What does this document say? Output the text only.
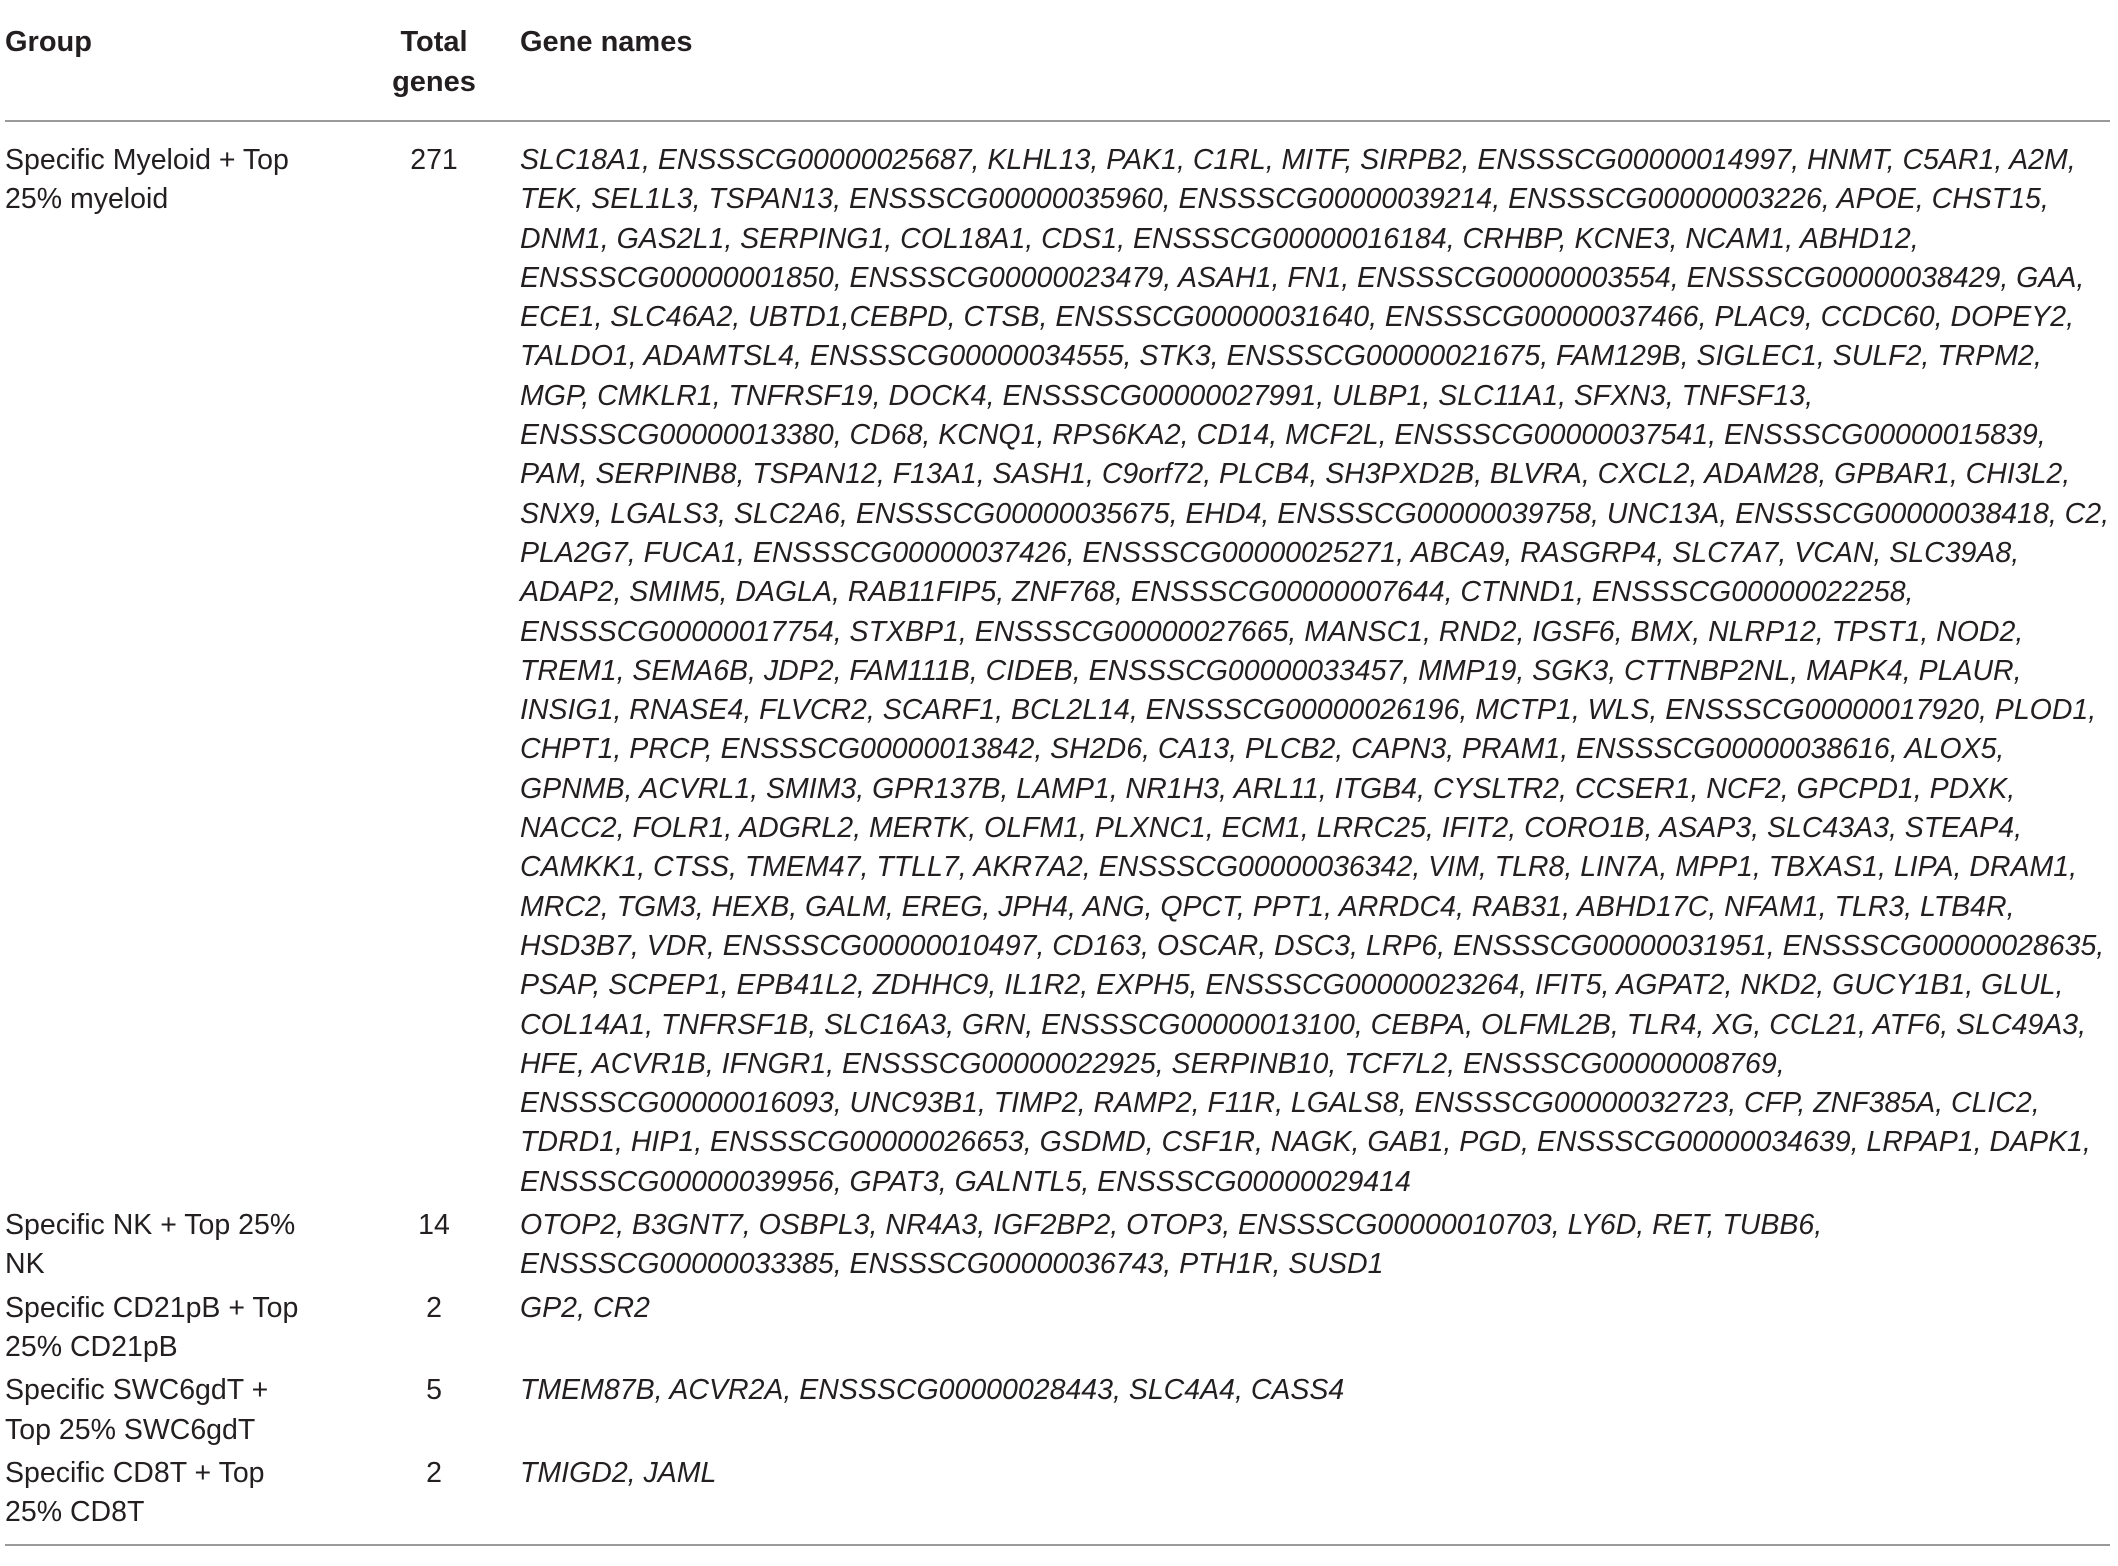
Group	Total genes	Gene names
Specific Myeloid + Top 25% myeloid	271	SLC18A1, ENSSSCG00000025687, KLHL13, PAK1, C1RL, MITF, SIRPB2, ENSSSCG00000014997, HNMT, C5AR1, A2M, TEK, SEL1L3, TSPAN13, ENSSSCG00000035960, ENSSSCG00000039214, ENSSSCG00000003226, APOE, CHST15, DNM1, GAS2L1, SERPING1, COL18A1, CDS1, ENSSSCG00000016184, CRHBP, KCNE3, NCAM1, ABHD12, ENSSSCG00000001850, ENSSSCG00000023479, ASAH1, FN1, ENSSSCG00000003554, ENSSSCG00000038429, GAA, ECE1, SLC46A2, UBTD1,CEBPD, CTSB, ENSSSCG00000031640, ENSSSCG00000037466, PLAC9, CCDC60, DOPEY2, TALDO1, ADAMTSL4, ENSSSCG00000034555, STK3, ENSSSCG00000021675, FAM129B, SIGLEC1, SULF2, TRPM2, MGP, CMKLR1, TNFRSF19, DOCK4, ENSSSCG00000027991, ULBP1, SLC11A1, SFXN3, TNFSF13, ENSSSCG00000013380, CD68, KCNQ1, RPS6KA2, CD14, MCF2L, ENSSSCG00000037541, ENSSSCG00000015839, PAM, SERPINB8, TSPAN12, F13A1, SASH1, C9orf72, PLCB4, SH3PXD2B, BLVRA, CXCL2, ADAM28, GPBAR1, CHI3L2, SNX9, LGALS3, SLC2A6, ENSSSCG00000035675, EHD4, ENSSSCG00000039758, UNC13A, ENSSSCG00000038418, C2, PLA2G7, FUCA1, ENSSSCG00000037426, ENSSSCG00000025271, ABCA9, RASGRP4, SLC7A7, VCAN, SLC39A8, ADAP2, SMIM5, DAGLA, RAB11FIP5, ZNF768, ENSSSCG00000007644, CTNND1, ENSSSCG00000022258, ENSSSCG00000017754, STXBP1, ENSSSCG00000027665, MANSC1, RND2, IGSF6, BMX, NLRP12, TPST1, NOD2, TREM1, SEMA6B, JDP2, FAM111B, CIDEB, ENSSSCG00000033457, MMP19, SGK3, CTTNBP2NL, MAPK4, PLAUR, INSIG1, RNASE4, FLVCR2, SCARF1, BCL2L14, ENSSSCG00000026196, MCTP1, WLS, ENSSSCG00000017920, PLOD1, CHPT1, PRCP, ENSSSCG00000013842, SH2D6, CA13, PLCB2, CAPN3, PRAM1, ENSSSCG00000038616, ALOX5, GPNMB, ACVRL1, SMIM3, GPR137B, LAMP1, NR1H3, ARL11, ITGB4, CYSLTR2, CCSER1, NCF2, GPCPD1, PDXK, NACC2, FOLR1, ADGRL2, MERTK, OLFM1, PLXNC1, ECM1, LRRC25, IFIT2, CORO1B, ASAP3, SLC43A3, STEAP4, CAMKK1, CTSS, TMEM47, TTLL7, AKR7A2, ENSSSCG00000036342, VIM, TLR8, LIN7A, MPP1, TBXAS1, LIPA, DRAM1, MRC2, TGM3, HEXB, GALM, EREG, JPH4, ANG, QPCT, PPT1, ARRDC4, RAB31, ABHD17C, NFAM1, TLR3, LTB4R, HSD3B7, VDR, ENSSSCG00000010497, CD163, OSCAR, DSC3, LRP6, ENSSSCG00000031951, ENSSSCG00000028635, PSAP, SCPEP1, EPB41L2, ZDHHC9, IL1R2, EXPH5, ENSSSCG00000023264, IFIT5, AGPAT2, NKD2, GUCY1B1, GLUL, COL14A1, TNFRSF1B, SLC16A3, GRN, ENSSSCG00000013100, CEBPA, OLFML2B, TLR4, XG, CCL21, ATF6, SLC49A3, HFE, ACVR1B, IFNGR1, ENSSSCG00000022925, SERPINB10, TCF7L2, ENSSSCG00000008769, ENSSSCG00000016093, UNC93B1, TIMP2, RAMP2, F11R, LGALS8, ENSSSCG00000032723, CFP, ZNF385A, CLIC2, TDRD1, HIP1, ENSSSCG00000026653, GSDMD, CSF1R, NAGK, GAB1, PGD, ENSSSCG00000034639, LRPAP1, DAPK1, ENSSSCG00000039956, GPAT3, GALNTL5, ENSSSCG00000029414
Specific NK + Top 25% NK	14	OTOP2, B3GNT7, OSBPL3, NR4A3, IGF2BP2, OTOP3, ENSSSCG00000010703, LY6D, RET, TUBB6, ENSSSCG00000033385, ENSSSCG00000036743, PTH1R, SUSD1
Specific CD21pB + Top 25% CD21pB	2	GP2, CR2
Specific SWC6gdT + Top 25% SWC6gdT	5	TMEM87B, ACVR2A, ENSSSCG00000028443, SLC4A4, CASS4
Specific CD8T + Top 25% CD8T	2	TMIGD2, JAML
